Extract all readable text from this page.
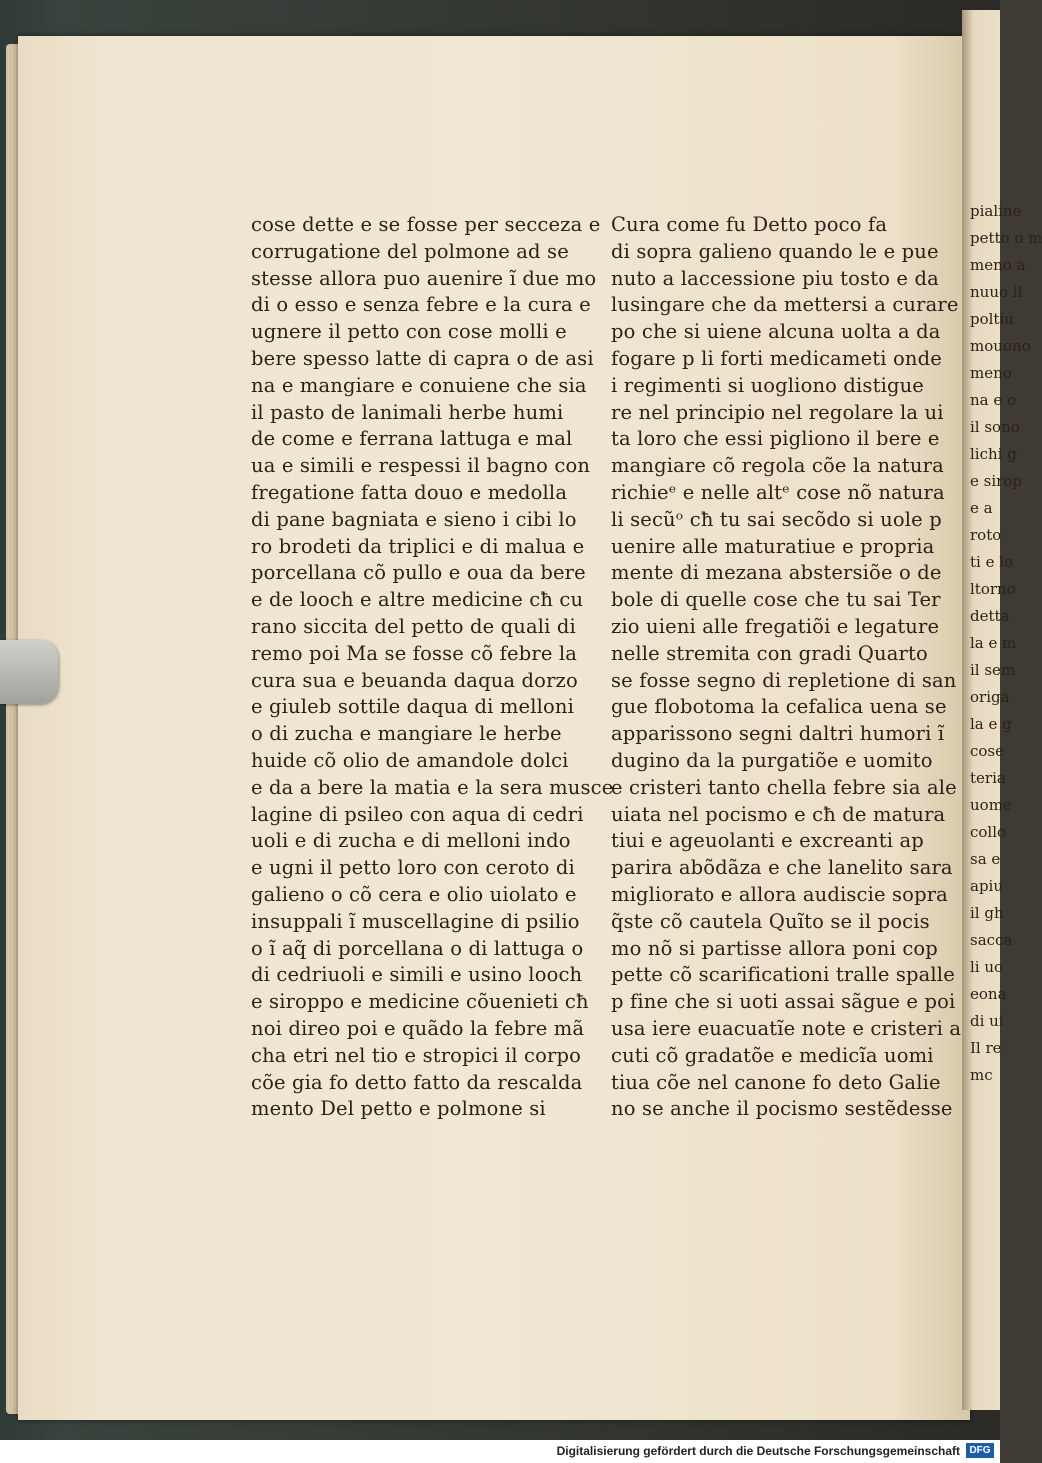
pialine
petto o m
meno a
nuuo il
poltiu
mouono
meno
na e o
il sono
lichi g
e sirop
e a
roto
ti e lo
ltorno
detta
la e m
il sem
origa
la e g
cose
teria
uome
collo
sa e
apiu
il gh
sacca
li uo
eona
di ui
Il re
mc
cose dette e se fosse per secceza e
corrugatione del polmone ad se
stesse allora puo auenire ĩ due mo
di o esso e senza febre e la cura e
ugnere il petto con cose molli e
bere spesso latte di capra o de asi
na e mangiare e conuiene che sia
il pasto de lanimali herbe humi
de come e ferrana lattuga e mal
ua e simili e respessi il bagno con
fregatione fatta douo e medolla
di pane bagniata e sieno i cibi lo
ro brodeti da triplici e di malua e
porcellana cõ pullo e oua da bere
e de looch e altre medicine cħ cu
rano siccita del petto de quali di
remo poi Ma se fosse cõ febre la
cura sua e beuanda daqua dorzo
e giuleb sottile daqua di melloni
o di zucha e mangiare le herbe
huide cõ olio de amandole dolci
e da a bere la matia e la sera musce
lagine di psileo con aqua di cedri
uoli e di zucha e di melloni indo
e ugni il petto loro con ceroto di
galieno o cõ cera e olio uiolato e
insuppali ĩ muscellagine di psilio
o ĩ aq̃ di porcellana o di lattuga o
di cedriuoli e simili e usino looch
e siroppo e medicine cõuenieti cħ
noi direo poi e quãdo la febre mã
cha etri nel tio e stropici il corpo
cõe gia fo detto fatto da rescalda
mento Del petto e polmone si
Cura come fu Detto poco fa
di sopra galieno quando le e pue
nuto a laccessione piu tosto e da
lusingare che da mettersi a curare
po che si uiene alcuna uolta a da
fogare p li forti medicameti onde
i regimenti si uogliono distigue
re nel principio nel regolare la ui
ta loro che essi pigliono il bere e
mangiare cõ regola cõe la natura
richieᵉ e nelle altᵉ cose nõ natura
li secũᵒ cħ tu sai secõdo si uole p
uenire alle maturatiue e propria
mente di mezana abstersiõe o de
bole di quelle cose che tu sai Ter
zio uieni alle fregatiõi e legature
nelle stremita con gradi Quarto
se fosse segno di repletione di san
gue flobotoma la cefalica uena se
apparissono segni daltri humori ĩ
dugino da la purgatiõe e uomito
e cristeri tanto chella febre sia ale
uiata nel pocismo e cħ de matura
tiui e ageuolanti e excreanti ap
parira abõdãza e che lanelito sara
migliorato e allora audiscie sopra
q̃ste cõ cautela Quĩto se il pocis
mo nõ si partisse allora poni cop
pette cõ scarificationi tralle spalle
p fine che si uoti assai sãgue e poi
usa iere euacuatĩe note e cristeri a
cuti cõ gradatõe e medicĩa uomi
tiua cõe nel canone fo deto Galie
no se anche il pocismo sestẽdesse
Digitalisierung gefördert durch die Deutsche Forschungsgemeinschaft DFG
